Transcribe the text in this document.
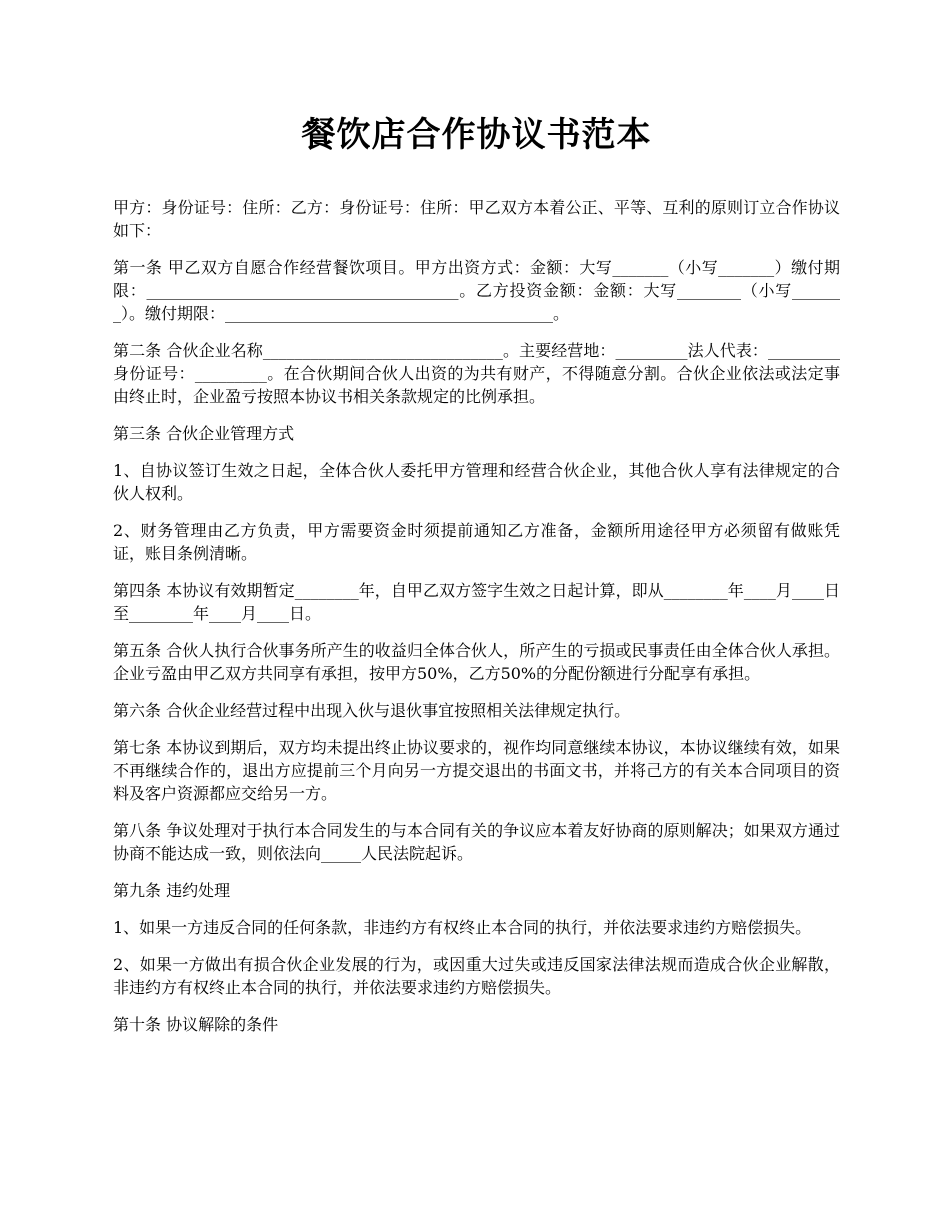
餐饮店合作协议书范本

甲方：身份证号：住所：乙方：身份证号：住所：甲乙双方本着公正、平等、互利的原则订立合作协议如下：

第一条 甲乙双方自愿合作经营餐饮项目。甲方出资方式：金额：大写_______（小写_______）缴付期限：_______________________________________。乙方投资金额：金额：大写________（小写_______）。缴付期限：_________________________________________。

第二条 合伙企业名称______________________________。主要经营地：_________法人代表：_________身份证号：_________。在合伙期间合伙人出资的为共有财产，不得随意分割。合伙企业依法或法定事由终止时，企业盈亏按照本协议书相关条款规定的比例承担。

第三条 合伙企业管理方式

1、自协议签订生效之日起，全体合伙人委托甲方管理和经营合伙企业，其他合伙人享有法律规定的合伙人权利。

2、财务管理由乙方负责，甲方需要资金时须提前通知乙方准备，金额所用途径甲方必须留有做账凭证，账目条例清晰。

第四条 本协议有效期暂定________年，自甲乙双方签字生效之日起计算，即从________年____月____日至________年____月____日。

第五条 合伙人执行合伙事务所产生的收益归全体合伙人，所产生的亏损或民事责任由全体合伙人承担。企业亏盈由甲乙双方共同享有承担，按甲方50%，乙方50%的分配份额进行分配享有承担。

第六条 合伙企业经营过程中出现入伙与退伙事宜按照相关法律规定执行。

第七条 本协议到期后，双方均未提出终止协议要求的，视作均同意继续本协议，本协议继续有效，如果不再继续合作的，退出方应提前三个月向另一方提交退出的书面文书，并将己方的有关本合同项目的资料及客户资源都应交给另一方。

第八条 争议处理对于执行本合同发生的与本合同有关的争议应本着友好协商的原则解决；如果双方通过协商不能达成一致，则依法向_____人民法院起诉。

第九条 违约处理

1、如果一方违反合同的任何条款，非违约方有权终止本合同的执行，并依法要求违约方赔偿损失。

2、如果一方做出有损合伙企业发展的行为，或因重大过失或违反国家法律法规而造成合伙企业解散，非违约方有权终止本合同的执行，并依法要求违约方赔偿损失。

第十条 协议解除的条件
